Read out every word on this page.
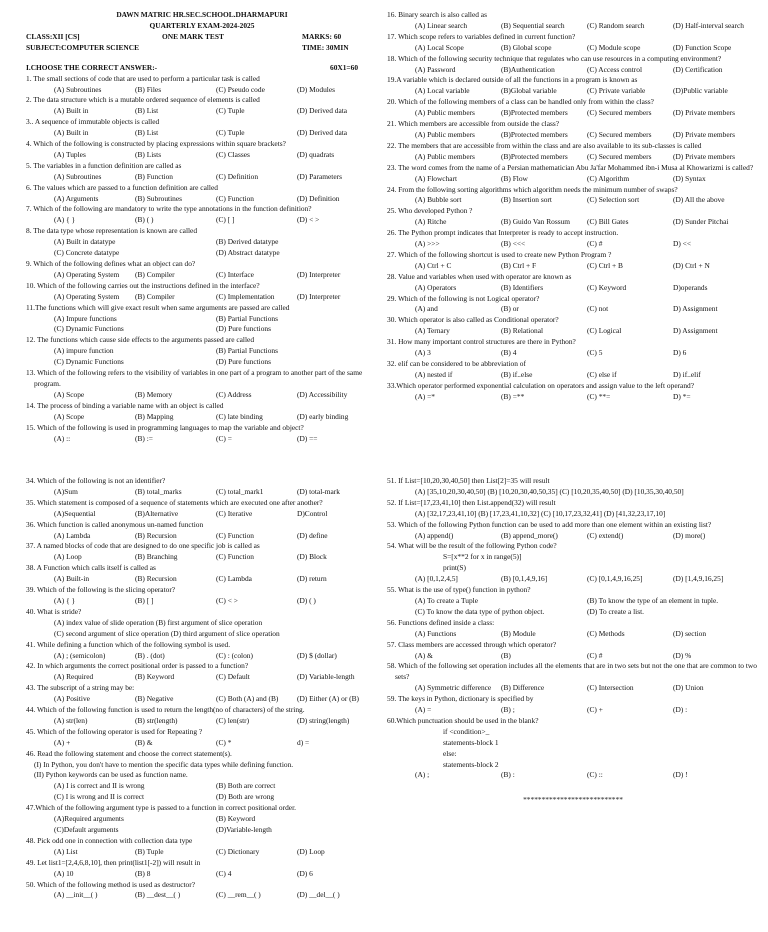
DAWN MATRIC HR.SEC.SCHOOL.DHARMAPURI
QUARTERLY EXAM-2024-2025
CLASS:XII [CS]	ONE MARK TEST	MARKS: 60
SUBJECT:COMPUTER SCIENCE	TIME: 30MIN
I.CHOOSE THE CORRECT ANSWER:-	60X1=60
1. The small sections of code that are used to perform a particular task is called
(A) Subroutines	(B) Files	(C) Pseudo code	(D) Modules
2. The data structure which is a mutable ordered sequence of elements is called
(A) Built in	(B) List	(C) Tuple	(D) Derived data
3.. A sequence of immutable objects is called
(A) Built in	(B) List	(C) Tuple	(D) Derived data
4. Which of the following is constructed by placing expressions within square brackets?
(A) Tuples	(B) Lists	(C) Classes	(D) quadrats
5. The variables in a function definition are called as
(A) Subroutines	(B) Function	(C) Definition	(D) Parameters
6. The values which are passed to a function definition are called
(A) Arguments	(B) Subroutines	(C) Function	(D) Definition
7. Which of the following are mandatory to write the type annotations in the function definition?
(A) { }	(B) ( )	(C) [ ]	(D) < >
8. The data type whose representation is known are called
(A) Built in datatype	(B) Derived datatype
(C) Concrete datatype	(D) Abstract datatype
9. Which of the following defines what an object can do?
(A) Operating System	(B) Compiler	(C) Interface	(D) Interpreter
10. Which of the following carries out the instructions defined in the interface?
(A) Operating System	(B) Compiler	(C) Implementation	(D) Interpreter
11.The functions which will give exact result when same arguments are passed are called
(A) Impure functions	(B) Partial Functions
(C) Dynamic Functions	(D) Pure functions
12. The functions which cause side effects to the arguments passed are called
(A) impure function	(B) Partial Functions
(C) Dynamic Functions	(D) Pure functions
13. Which of the following refers to the visibility of variables in one part of a program to another part of the same program.
(A) Scope	(B) Memory	(C) Address	(D) Accessibility
14. The process of binding a variable name with an object is called
(A) Scope	(B) Mapping	(C) late binding	(D) early binding
15. Which of the following is used in programming languages to map the variable and object?
(A) ::	(B) :=	(C) =	(D) ==
16. Binary search is also called as
(A) Linear search	(B) Sequential search	(C) Random search	(D) Half-interval search
17. Which scope refers to variables defined in current function?
(A) Local Scope	(B) Global scope	(C) Module scope	(D) Function Scope
18. Which of the following security technique that regulates who can use resources in a computing environment?
(A) Password	(B)Authentication	(C) Access control	(D) Certification
19.A variable which is declared outside of all the functions in a program is known as
(A) Local variable	(B)Global variable	(C) Private variable	(D)Public variable
20. Which of the following members of a class can be handled only from within the class?
(A) Public members	(B)Protected members	(C) Secured members	(D) Private members
21. Which members are accessible from outside the class?
(A) Public members	(B)Protected members	(C) Secured members	(D) Private members
22. The members that are accessible from within the class and are also available to its sub-classes is called
(A) Public members	(B)Protected members	(C) Secured members	(D) Private members
23. The word comes from the name of a Persian mathematician Abu Ja'far Mohammed ibn-i Musa al Khowarizmi is called?
(A) Flowchart	(B) Flow	(C) Algorithm	(D) Syntax
24. From the following sorting algorithms which algorithm needs the minimum number of swaps?
(A) Bubble sort	(B) Insertion sort	(C) Selection sort	(D) All the above
25. Who developed Python ?
(A) Ritche	(B) Guido Van Rossum	(C) Bill Gates	(D) Sunder Pitchai
26. The Python prompt indicates that Interpreter is ready to accept instruction.
(A) >>>	(B) <<<	(C) #	D) <<
27. Which of the following shortcut is used to create new Python Program ?
(A) Ctrl + C	(B) Ctrl + F	(C) Ctrl + B	(D) Ctrl + N
28. Value and variables when used with operator are known as
(A) Operators	(B) Identifiers	(C) Keyword	D)operands
29. Which of the following is not Logical operator?
(A) and	(B) or	(C) not	D) Assignment
30. Which operator is also called as Conditional operator?
(A) Ternary	(B) Relational	(C) Logical	D) Assignment
31. How many important control structures are there in Python?
(A) 3	(B) 4	(C) 5	D) 6
32. elif can be considered to be abbreviation of
(A) nested if	(B) if..else	(C) else if	D) if..elif
33.Which operator performed exponential calculation on operators and assign value to the left operand?
(A) =*	(B) =**	(C) **=	D) *=
34. Which of the following is not an identifier?
(A)Sum	(B) total_marks	(C) total_mark1	(D) total-mark
35. Which statement is composed of a sequence of statements which are executed one after another?
(A)Sequential	(B)Alternative	(C) Iterative	D)Control
36. Which function is called anonymous un-named function
(A) Lambda	(B) Recursion	(C) Function	(D) define
37. A named blocks of code that are designed to do one specific job is called as
(A) Loop	(B) Branching	(C) Function	(D) Block
38. A Function which calls itself is called as
(A) Built-in	(B) Recursion	(C) Lambda	(D) return
39. Which of the following is the slicing operator?
(A) { }	(B) [ ]	(C) < >	(D) ( )
40. What is stride?
(A) index value of slide operation (B) first argument of slice operation
(C) second argument of slice operation (D) third argument of slice operation
41. While defining a function which of the following symbol is used.
(A) ; (semicolon)	(B) . (dot)	(C) : (colon)	(D) $ (dollar)
42. In which arguments the correct positional order is passed to a function?
(A) Required	(B) Keyword	(C) Default	(D) Variable-length
43. The subscript of a string may be:
(A) Positive	(B) Negative	(C) Both (A) and (B)	(D) Either (A) or (B)
44. Which of the following function is used to return the length(no of characters) of the string.
(A) str(len)	(B) str(length)	(C) len(str)	(D) string(length)
45. Which of the following operator is used for Repeating ?
(A) +	(B) &	(C) *	d) =
46. Read the following statement and choose the correct statement(s).
(I) In Python, you don't have to mention the specific data types while defining function.
(II) Python keywords can be used as function name.
(A) I is correct and II is wrong	(B) Both are correct
(C) I is wrong and II is correct	(D) Both are wrong
47.Which of the following argument type is passed to a function in correct positional order.
(A)Required arguments	(B) Keyword
(C)Default arguments	(D)Variable-length
48. Pick odd one in connection with collection data type
(A) List	(B) Tuple	(C) Dictionary	(D) Loop
49. Let list1=[2,4,6,8,10], then print(list1[-2]) will result in
(A) 10	(B) 8	(C) 4	(D) 6
50. Which of the following method is used as destructor?
(A) __init__( )	(B) __dest__( )	(C) __rem__( )	(D) __del__( )
51. If List=[10,20,30,40,50] then List[2]=35 will result
(A) [35,10,20,30,40,50] (B) [10,20,30,40,50,35] (C) [10,20,35,40,50] (D) [10,35,30,40,50]
52. If List=[17,23,41,10] then List.append(32) will result
(A) [32,17,23,41,10] (B) [17,23,41,10,32] (C) [10,17,23,32,41] (D) [41,32,23,17,10]
53. Which of the following Python function can be used to add more than one element within an existing list?
(A) append()	(B) append_more()	(C) extend()	(D) more()
54. What will be the result of the following Python code?
S=[x**2 for x in range(5)]
print(S)
(A) [0,1,2,4,5]	(B) [0,1,4,9,16]	(C) [0,1,4,9,16,25]	(D) [1,4,9,16,25]
55. What is the use of type() function in python?
(A) To create a Tuple	(B) To know the type of an element in tuple.
(C) To know the data type of python object.	(D) To create a list.
56. Functions defined inside a class:
(A) Functions	(B) Module	(C) Methods	(D) section
57. Class members are accessed through which operator?
(A) &	(B)	(C) #	(D) %
58. Which of the following set operation includes all the elements that are in two sets but not the one that are common to two sets?
(A) Symmetric difference	(B) Difference	(C) Intersection	(D) Union
59. The keys in Python, dictionary is specified by
(A) =	(B) ;	(C) +	(D) :
60.Which punctuation should be used in the blank?
if <condition>_
statements-block 1
else:
statements-block 2
(A) ;	(B) :	(C) ::	(D) !
***************************
